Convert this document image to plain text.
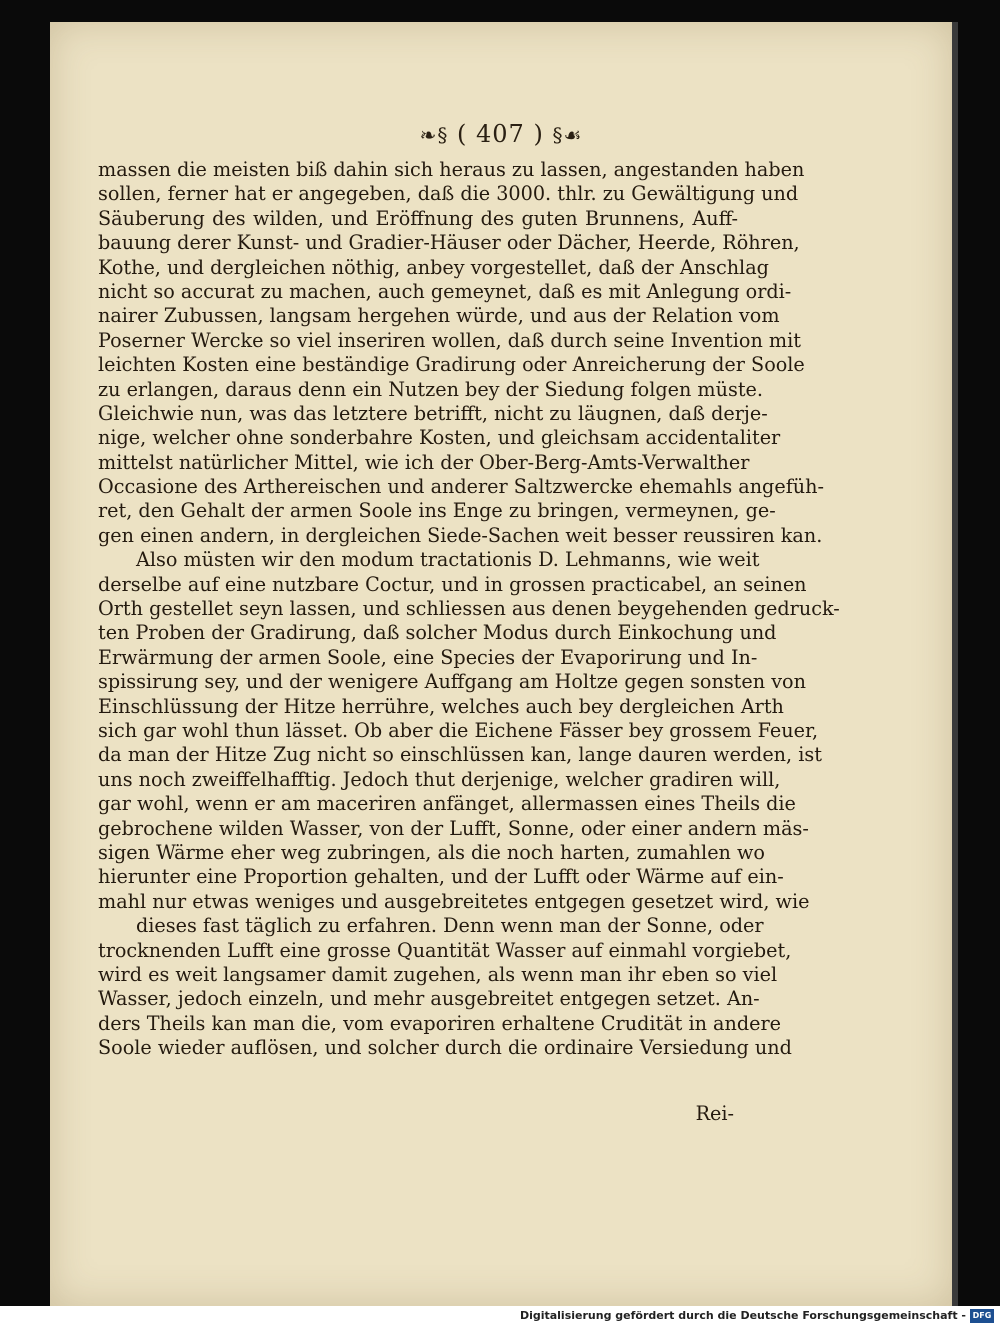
❧§ ( 407 ) §☙
massen die meisten biß dahin sich heraus zu lassen, angestanden haben
sollen, ferner hat er angegeben, daß die 3000. thlr. zu Gewältigung und
Säuberung des wilden, und Eröffnung des guten Brunnens, Auff-
bauung derer Kunst- und Gradier-Häuser oder Dächer, Heerde, Röhren,
Kothe, und dergleichen nöthig, anbey vorgestellet, daß der Anschlag
nicht so accurat zu machen, auch gemeynet, daß es mit Anlegung ordi-
nairer Zubussen, langsam hergehen würde, und aus der Relation vom
Poserner Wercke so viel inseriren wollen, daß durch seine Invention mit
leichten Kosten eine beständige Gradirung oder Anreicherung der Soole
zu erlangen, daraus denn ein Nutzen bey der Siedung folgen müste.
Gleichwie nun, was das letztere betrifft, nicht zu läugnen, daß derje-
nige, welcher ohne sonderbahre Kosten, und gleichsam accidentaliter
mittelst natürlicher Mittel, wie ich der Ober-Berg-Amts-Verwalther
Occasione des Arthereischen und anderer Saltzwercke ehemahls angefüh-
ret, den Gehalt der armen Soole ins Enge zu bringen, vermeynen, ge-
gen einen andern, in dergleichen Siede-Sachen weit besser reussiren kan.
Also müsten wir den modum tractationis D. Lehmanns, wie weit
derselbe auf eine nutzbare Coctur, und in grossen practicabel, an seinen
Orth gestellet seyn lassen, und schliessen aus denen beygehenden gedruck-
ten Proben der Gradirung, daß solcher Modus durch Einkochung und
Erwärmung der armen Soole, eine Species der Evaporirung und In-
spissirung sey, und der wenigere Auffgang am Holtze gegen sonsten von
Einschlüssung der Hitze herrühre, welches auch bey dergleichen Arth
sich gar wohl thun lässet. Ob aber die Eichene Fässer bey grossem Feuer,
da man der Hitze Zug nicht so einschlüssen kan, lange dauren werden, ist
uns noch zweiffelhafftig. Jedoch thut derjenige, welcher gradiren will,
gar wohl, wenn er am maceriren anfänget, allermassen eines Theils die
gebrochene wilden Wasser, von der Lufft, Sonne, oder einer andern mäs-
sigen Wärme eher weg zubringen, als die noch harten, zumahlen wo
hierunter eine Proportion gehalten, und der Lufft oder Wärme auf ein-
mahl nur etwas weniges und ausgebreitetes entgegen gesetzet wird, wie
dieses fast täglich zu erfahren. Denn wenn man der Sonne, oder
trocknenden Lufft eine grosse Quantität Wasser auf einmahl vorgiebet,
wird es weit langsamer damit zugehen, als wenn man ihr eben so viel
Wasser, jedoch einzeln, und mehr ausgebreitet entgegen setzet. An-
ders Theils kan man die, vom evaporiren erhaltene Crudität in andere
Soole wieder auflösen, und solcher durch die ordinaire Versiedung und
Rei-
Digitalisierung gefördert durch die Deutsche Forschungsgemeinschaft - DFG
